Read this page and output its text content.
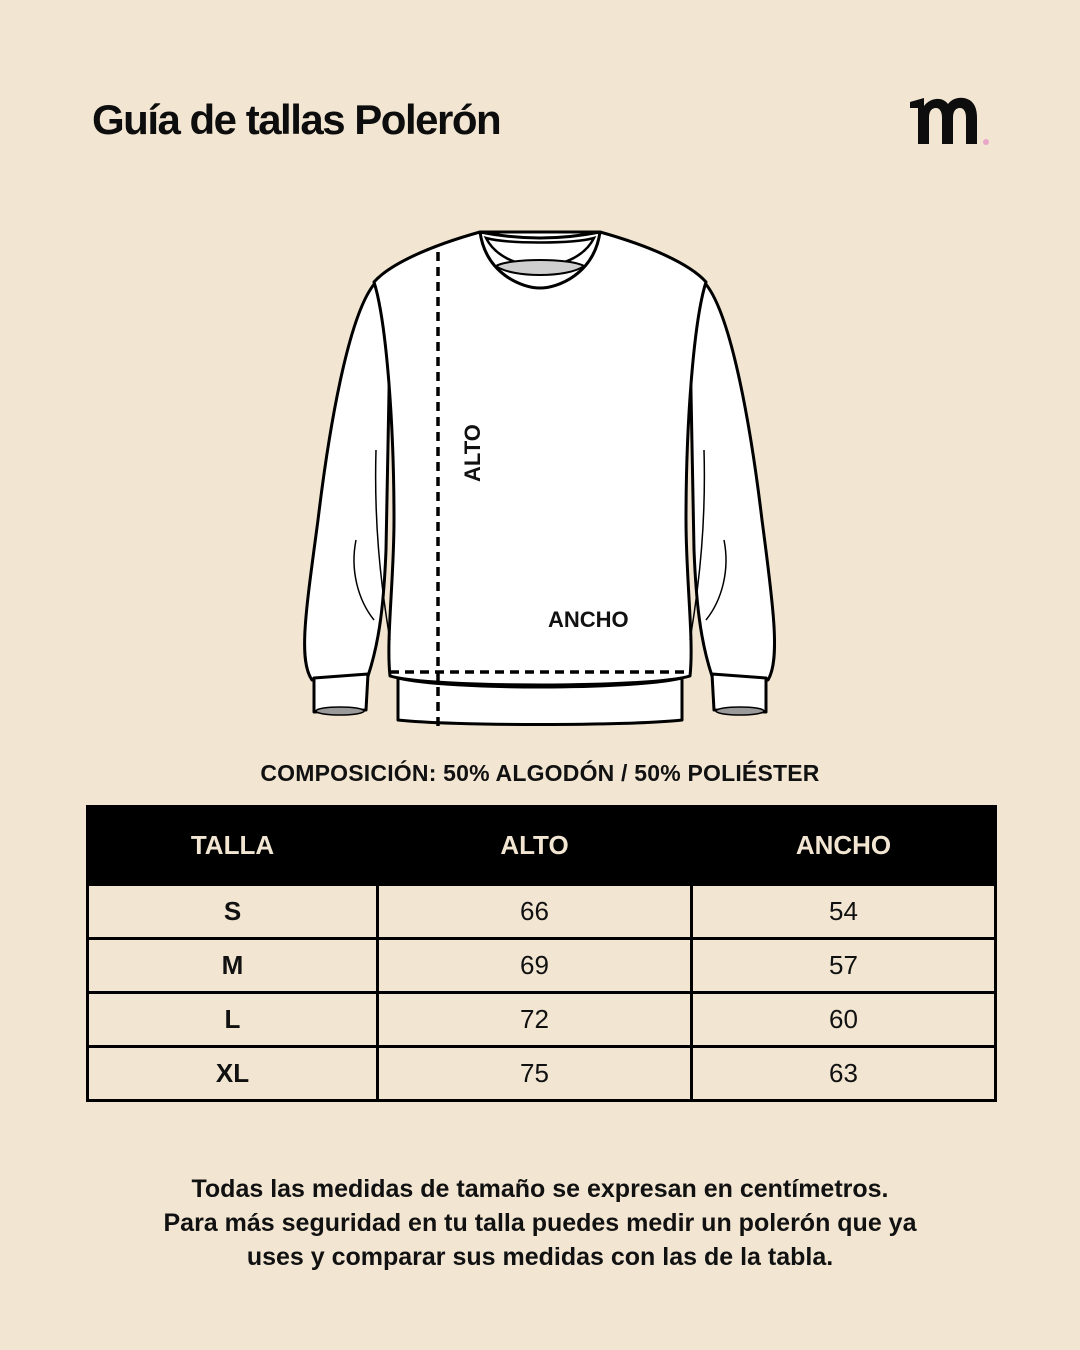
Guía de tallas Polerón
ALTO
ANCHO
COMPOSICIÓN: 50% ALGODÓN / 50% POLIÉSTER
TALLA	ALTO	ANCHO
S	66	54
M	69	57
L	72	60
XL	75	63
Todas las medidas de tamaño se expresan en centímetros.
Para más seguridad en tu talla puedes medir un polerón que ya
uses y comparar sus medidas con las de la tabla.
